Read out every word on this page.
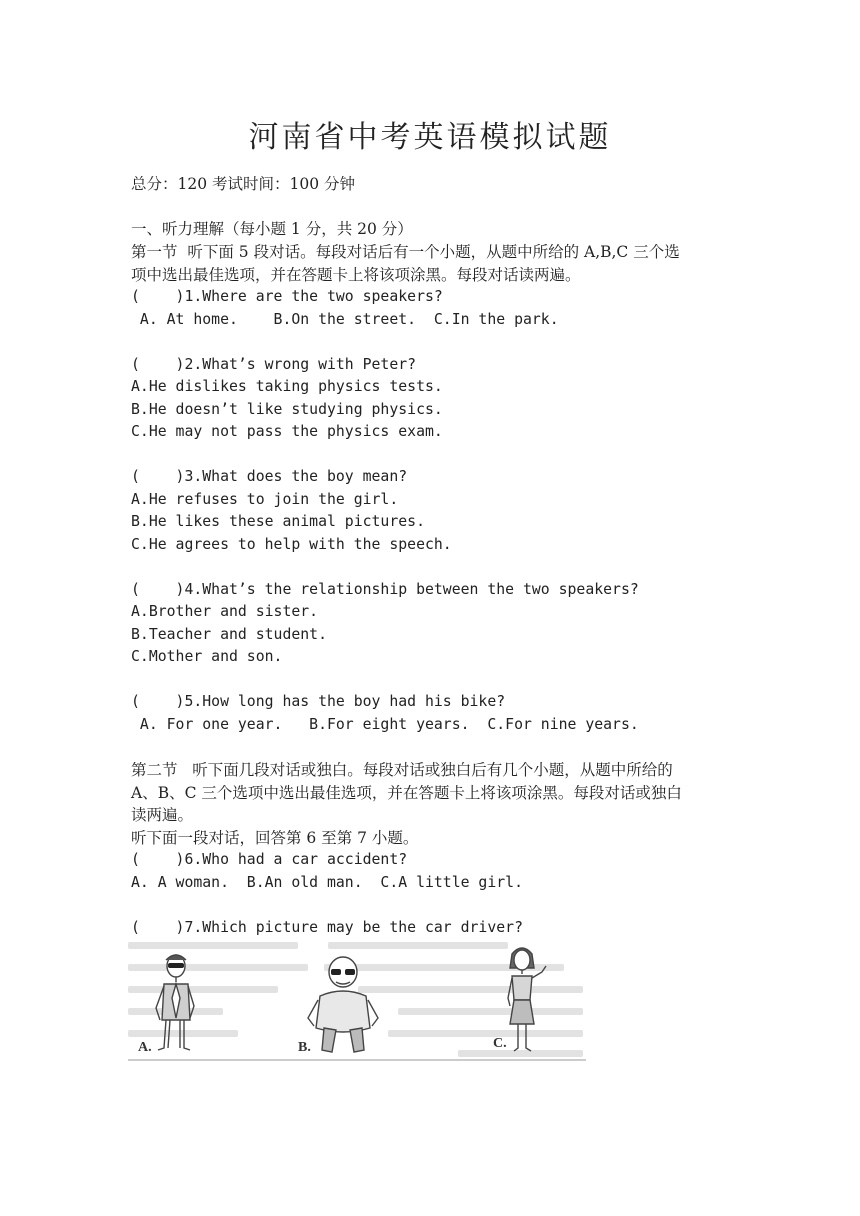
河南省中考英语模拟试题
总分：120 考试时间：100 分钟
一、听力理解（每小题 1 分，共 20 分）
第一节  听下面 5 段对话。每段对话后有一个小题，从题中所给的 A,B,C 三个选
项中选出最佳选项，并在答题卡上将该项涂黑。每段对话读两遍。
(    )1.Where are the two speakers?
A. At home.    B.On the street.  C.In the park.
(    )2.What’s wrong with Peter?
A.He dislikes taking physics tests.
B.He doesn’t like studying physics.
C.He may not pass the physics exam.
(    )3.What does the boy mean?
A.He refuses to join the girl.
B.He likes these animal pictures.
C.He agrees to help with the speech.
(    )4.What’s the relationship between the two speakers?
A.Brother and sister.
B.Teacher and student.
C.Mother and son.
(    )5.How long has the boy had his bike?
A. For one year.   B.For eight years.  C.For nine years.
第二节   听下面几段对话或独白。每段对话或独白后有几个小题，从题中所给的
A、B、C 三个选项中选出最佳选项，并在答题卡上将该项涂黑。每段对话或独白
读两遍。
听下面一段对话，回答第 6 至第 7 小题。
(    )6.Who had a car accident?
A. A woman.  B.An old man.  C.A little girl.
(    )7.Which picture may be the car driver?
A.	B.	C.
